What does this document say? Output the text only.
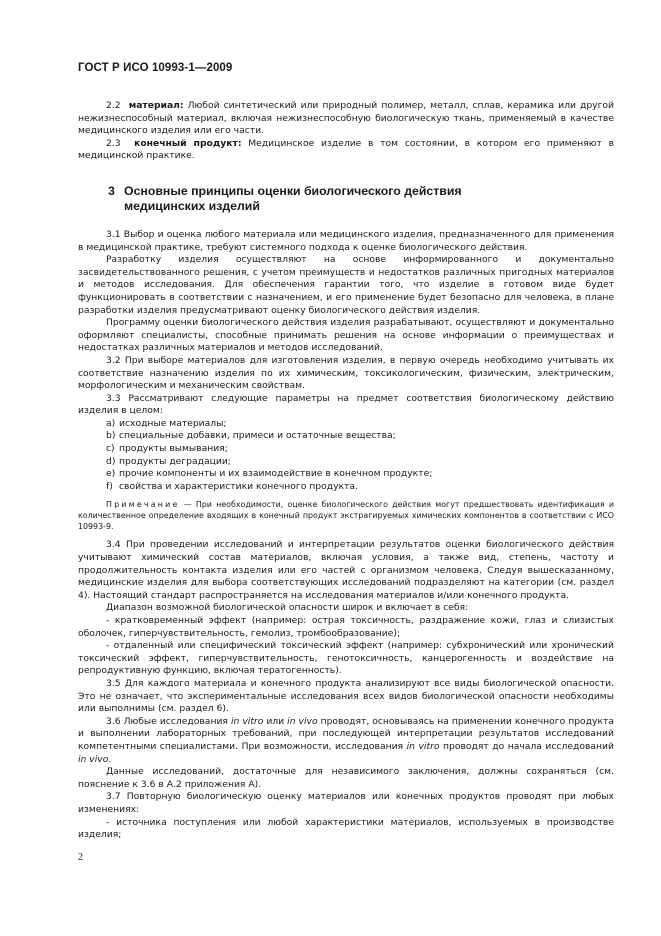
ГОСТ Р ИСО 10993-1—2009

2.2 материал: Любой синтетический или природный полимер, металл, сплав, керамика или другой нежизнеспособный материал, включая нежизнеспособную биологическую ткань, применяемый в качестве медицинского изделия или его части.

2.3 конечный продукт: Медицинское изделие в том состоянии, в котором его применяют в медицинской практике.

3 Основные принципы оценки биологического действия
медицинских изделий

3.1 Выбор и оценка любого материала или медицинского изделия, предназначенного для применения в медицинской практике, требуют системного подхода к оценке биологического действия.

Разработку изделия осуществляют на основе информированного и документально засвидетельствованного решения, с учетом преимуществ и недостатков различных пригодных материалов и методов исследования. Для обеспечения гарантии того, что изделие в готовом виде будет функционировать в соответствии с назначением, и его применение будет безопасно для человека, в плане разработки изделия предусматривают оценку биологического действия изделия.

Программу оценки биологического действия изделия разрабатывают, осуществляют и документально оформляют специалисты, способные принимать решения на основе информации о преимуществах и недостатках различных материалов и методов исследований.

3.2 При выборе материалов для изготовления изделия, в первую очередь необходимо учитывать их соответствие назначению изделия по их химическим, токсикологическим, физическим, электрическим, морфологическим и механическим свойствам.

3.3 Рассматривают следующие параметры на предмет соответствия биологическому действию изделия в целом:

a) исходные материалы;
b) специальные добавки, примеси и остаточные вещества;
c) продукты вымывания;
d) продукты деградации;
e) прочие компоненты и их взаимодействие в конечном продукте;
f) свойства и характеристики конечного продукта.

Примечание — При необходимости, оценке биологического действия могут предшествовать идентификация и количественное определение входящих в конечный продукт экстрагируемых химических компонентов в соответствии с ИСО 10993-9.

3.4 При проведении исследований и интерпретации результатов оценки биологического действия учитывают химический состав материалов, включая условия, а также вид, степень, частоту и продолжительность контакта изделия или его частей с организмом человека. Следуя вышесказанному, медицинские изделия для выбора соответствующих исследований подразделяют на категории (см. раздел 4). Настоящий стандарт распространяется на исследования материалов и/или конечного продукта.

Диапазон возможной биологической опасности широк и включает в себя:

- кратковременный эффект (например: острая токсичность, раздражение кожи, глаз и слизистых оболочек, гиперчувствительность, гемолиз, тромбообразование);

- отдаленный или специфический токсический эффект (например: субхронический или хронический токсический эффект, гиперчувствительность, генотоксичность, канцерогенность и воздействие на репродуктивную функцию, включая тератогенность).

3.5 Для каждого материала и конечного продукта анализируют все виды биологической опасности. Это не означает, что экспериментальные исследования всех видов биологической опасности необходимы или выполнимы (см. раздел 6).

3.6 Любые исследования in vitro или in vivo проводят, основываясь на применении конечного продукта и выполнении лабораторных требований, при последующей интерпретации результатов исследований компетентными специалистами. При возможности, исследования in vitro проводят до начала исследований in vivo.

Данные исследований, достаточные для независимого заключения, должны сохраняться (см. пояснение к 3.6 в А.2 приложения А).

3.7 Повторную биологическую оценку материалов или конечных продуктов проводят при любых изменениях:

- источника поступления или любой характеристики материалов, используемых в производстве изделия;

2
